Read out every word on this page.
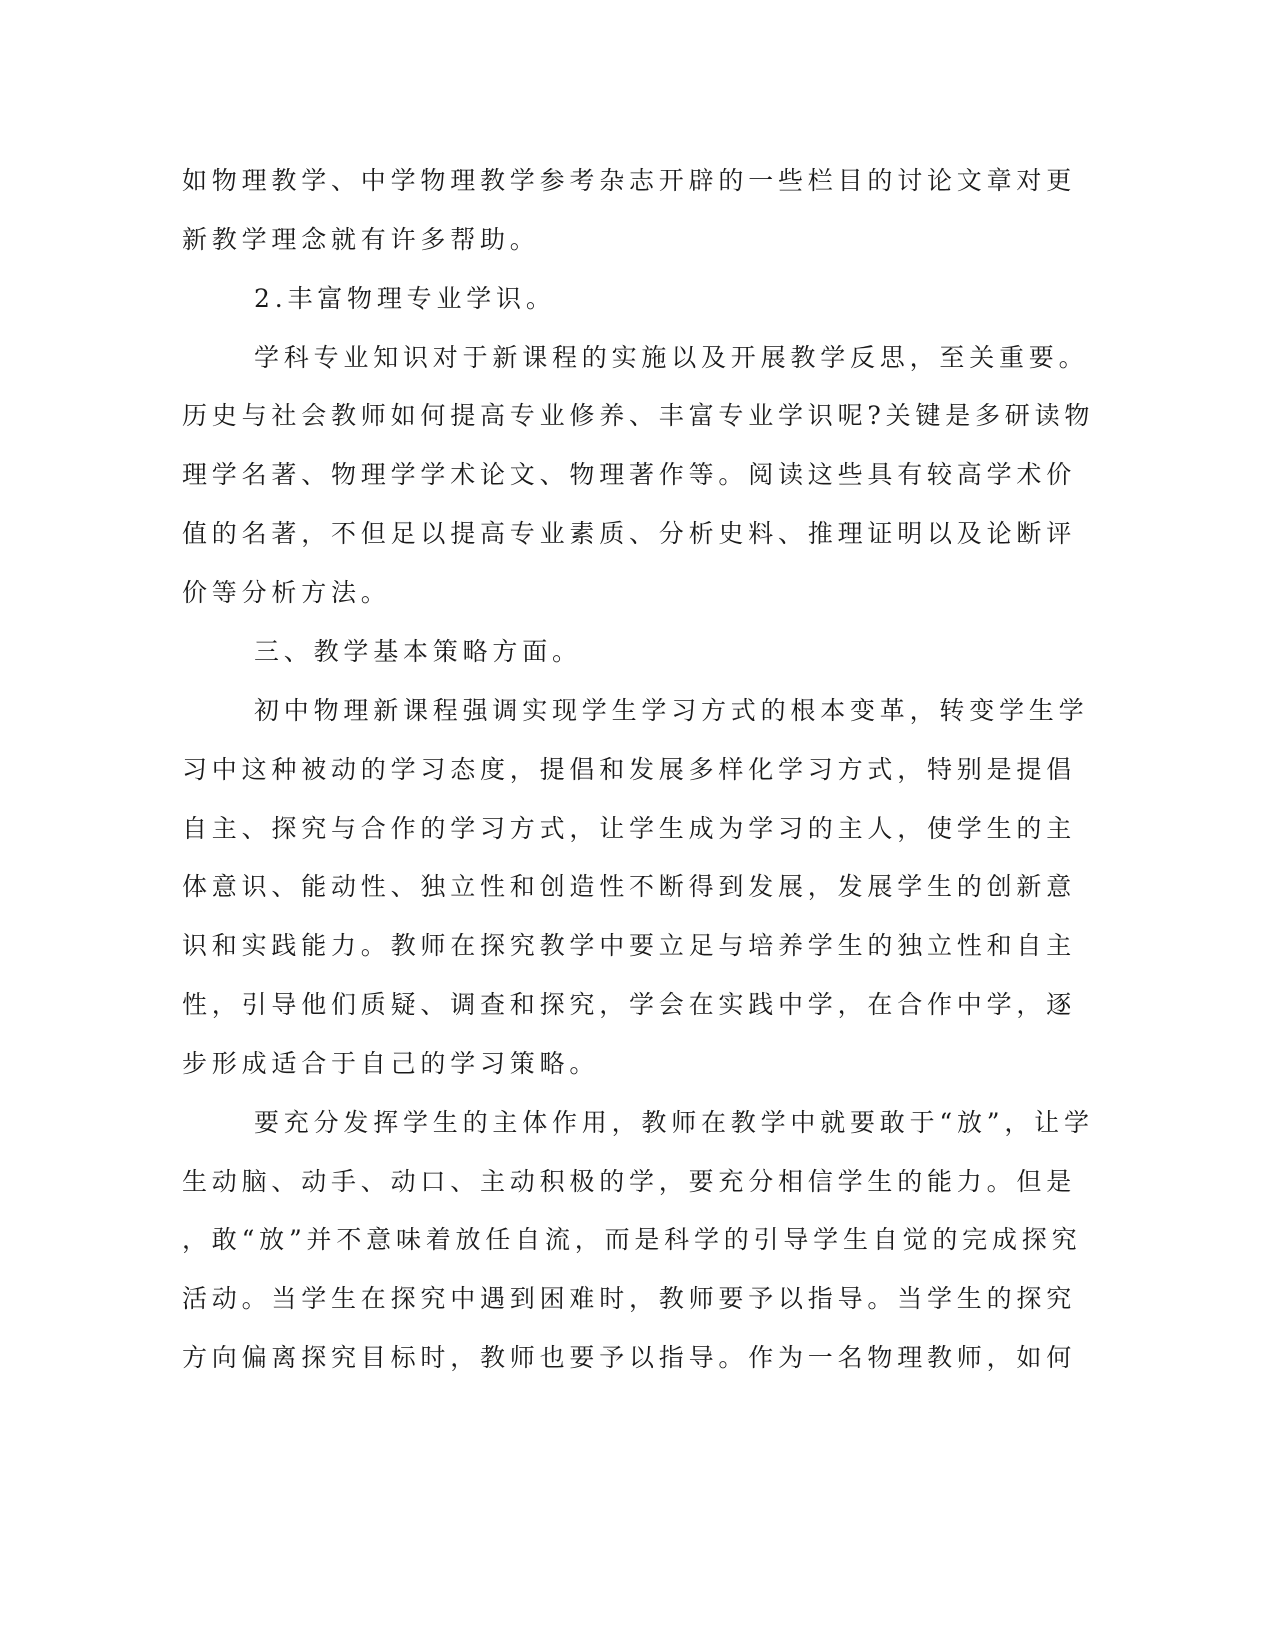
如物理教学、中学物理教学参考杂志开辟的一些栏目的讨论文章对更
新教学理念就有许多帮助。
2.丰富物理专业学识。
学科专业知识对于新课程的实施以及开展教学反思，至关重要。
历史与社会教师如何提高专业修养、丰富专业学识呢?关键是多研读物
理学名著、物理学学术论文、物理著作等。阅读这些具有较高学术价
值的名著，不但足以提高专业素质、分析史料、推理证明以及论断评
价等分析方法。
三、教学基本策略方面。
初中物理新课程强调实现学生学习方式的根本变革，转变学生学
习中这种被动的学习态度，提倡和发展多样化学习方式，特别是提倡
自主、探究与合作的学习方式，让学生成为学习的主人，使学生的主
体意识、能动性、独立性和创造性不断得到发展，发展学生的创新意
识和实践能力。教师在探究教学中要立足与培养学生的独立性和自主
性，引导他们质疑、调查和探究，学会在实践中学，在合作中学，逐
步形成适合于自己的学习策略。
要充分发挥学生的主体作用，教师在教学中就要敢于“放”，让学
生动脑、动手、动口、主动积极的学，要充分相信学生的能力。但是
，敢“放”并不意味着放任自流，而是科学的引导学生自觉的完成探究
活动。当学生在探究中遇到困难时，教师要予以指导。当学生的探究
方向偏离探究目标时，教师也要予以指导。作为一名物理教师，如何
